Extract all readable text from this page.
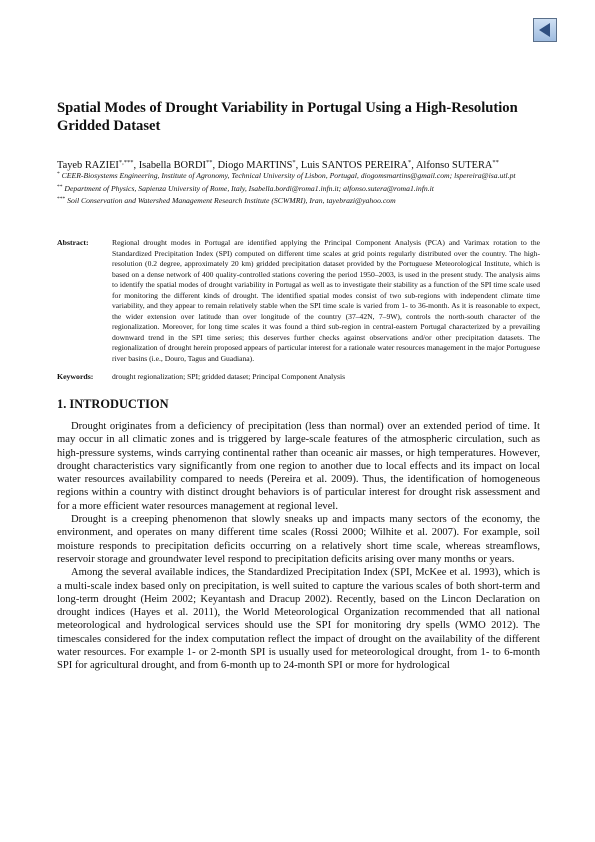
Spatial Modes of Drought Variability in Portugal Using a High-Resolution Gridded Dataset
Tayeb RAZIEI*,***, Isabella BORDI**, Diogo MARTINS*, Luis SANTOS PEREIRA*, Alfonso SUTERA**

* CEER-Biosystems Engineering, Institute of Agronomy, Technical University of Lisbon, Portugal, diogomsmartins@gmail.com; lspereira@isa.utl.pt

** Department of Physics, Sapienza University of Rome, Italy, Isabella.bordi@roma1.infn.it; alfonso.sutera@roma1.infn.it

*** Soil Conservation and Watershed Management Research Institute (SCWMRI), Iran, tayebrazi@yahoo.com

Abstract:	Regional drought modes in Portugal are identified applying the Principal Component Analysis (PCA) and Varimax rotation to the Standardized Precipitation Index (SPI) computed on different time scales at grid points regularly distributed over the country. The high-resolution (0.2 degree, approximately 20 km) gridded precipitation dataset provided by the Portuguese Meteorological Institute, which is based on a dense network of 400 quality-controlled stations covering the period 1950–2003, is used in the present study. The analysis aims to identify the spatial modes of drought variability in Portugal as well as to investigate their stability as a function of the SPI time scale used for monitoring the different kinds of drought. The identified spatial modes consist of two sub-regions with independent climate time variability, and they appear to remain relatively stable when the SPI time scale is varied from 1- to 36-month. As it is reasonable to expect, the wider extension over latitude than over longitude of the country (37–42N, 7–9W), controls the north-south character of the regionalization. Moreover, for long time scales it was found a third sub-region in central-eastern Portugal characterized by a prevailing downward trend in the SPI time series; this deserves further checks against observations and/or other precipitation datasets. The regionalization of drought herein proposed appears of particular interest for a rationale water resources management in the major Portuguese river basins (i.e., Douro, Tagus and Guadiana).

Keywords: drought regionalization; SPI; gridded dataset; Principal Component Analysis
1. INTRODUCTION

Drought originates from a deficiency of precipitation (less than normal) over an extended period of time. It may occur in all climatic zones and is triggered by large-scale features of the atmospheric circulation, such as high-pressure systems, winds carrying continental rather than oceanic air masses, or high temperatures. However, drought characteristics vary significantly from one region to another due to local effects and its impact on local water resources availability compared to needs (Pereira et al. 2009). Thus, the identification of homogeneous regions within a country with distinct drought behaviors is of particular interest for drought risk assessment and for a more efficient water resources management at regional level.

Drought is a creeping phenomenon that slowly sneaks up and impacts many sectors of the economy, the environment, and operates on many different time scales (Rossi 2000; Wilhite et al. 2007). For example, soil moisture responds to precipitation deficits occurring on a relatively short time scale, whereas streamflows, reservoir storage and groundwater level respond to precipitation deficits arising over many months or years.

Among the several available indices, the Standardized Precipitation Index (SPI, McKee et al. 1993), which is a multi-scale index based only on precipitation, is well suited to capture the various scales of both short-term and long-term drought (Heim 2002; Keyantash and Dracup 2002). Recently, based on the Lincon Declaration on drought indices (Hayes et al. 2011), the World Meteorological Organization recommended that all national meteorological and hydrological services should use the SPI for monitoring dry spells (WMO 2012). The timescales considered for the index computation reflect the impact of drought on the availability of the different water resources. For example 1- or 2-month SPI is usually used for meteorological drought, from 1- to 6-month SPI for agricultural drought, and from 6-month up to 24-month SPI or more for hydrological
